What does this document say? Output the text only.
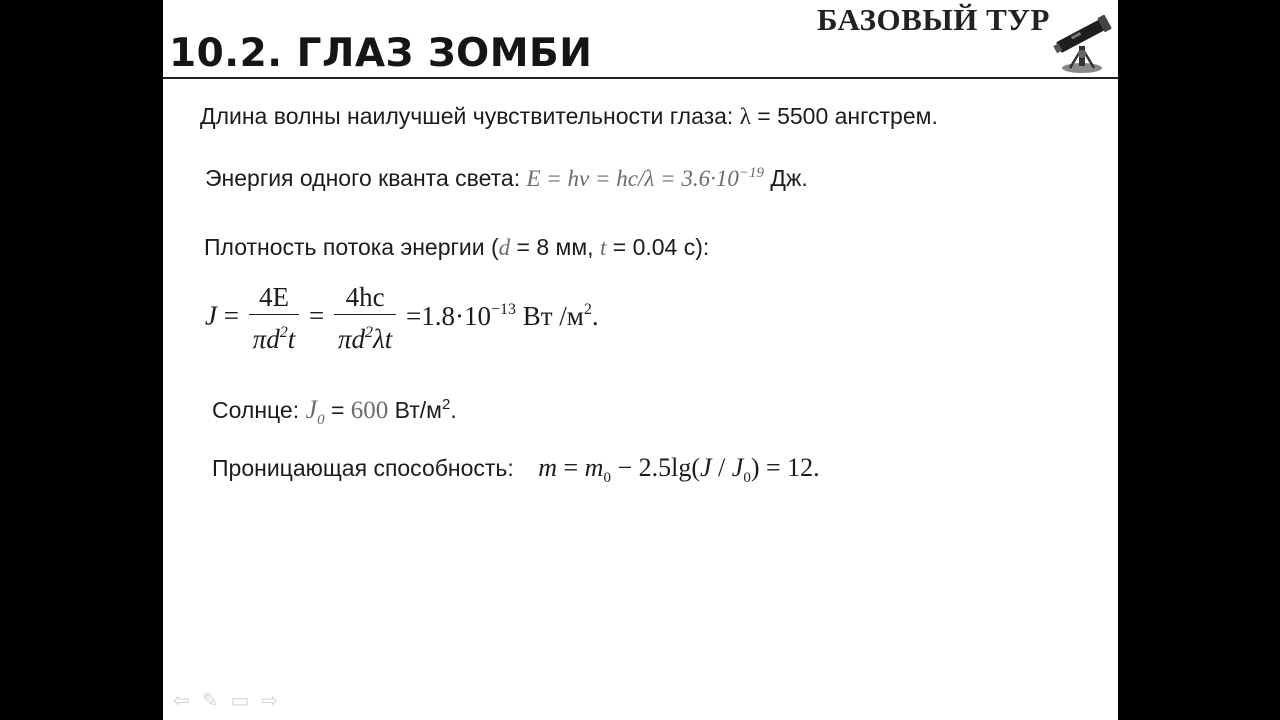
БАЗОВЫЙ ТУР
10.2. ГЛАЗ ЗОМБИ
Длина волны наилучшей чувствительности глаза: λ = 5500 ангстрем.
Энергия одного кванта света: $E = h\nu = hc/\lambda = 3.6\cdot 10^{-19}$ Дж.
Плотность потока энергии (d = 8 мм, t = 0.04 с):
$J = \frac{4E}{\pi d^2t} = \frac{4hc}{\pi d^2\lambda t} =1.8\cdot 10^{-13}$ Вт $/м^2$.
Солнце: $J_0 = 600$ $Вт/м^2$.
Проницающая способность: $m = m_0 - 2.5\lg(J / J_0) = 12$.
⇦ ✎ ▭ ⇨
